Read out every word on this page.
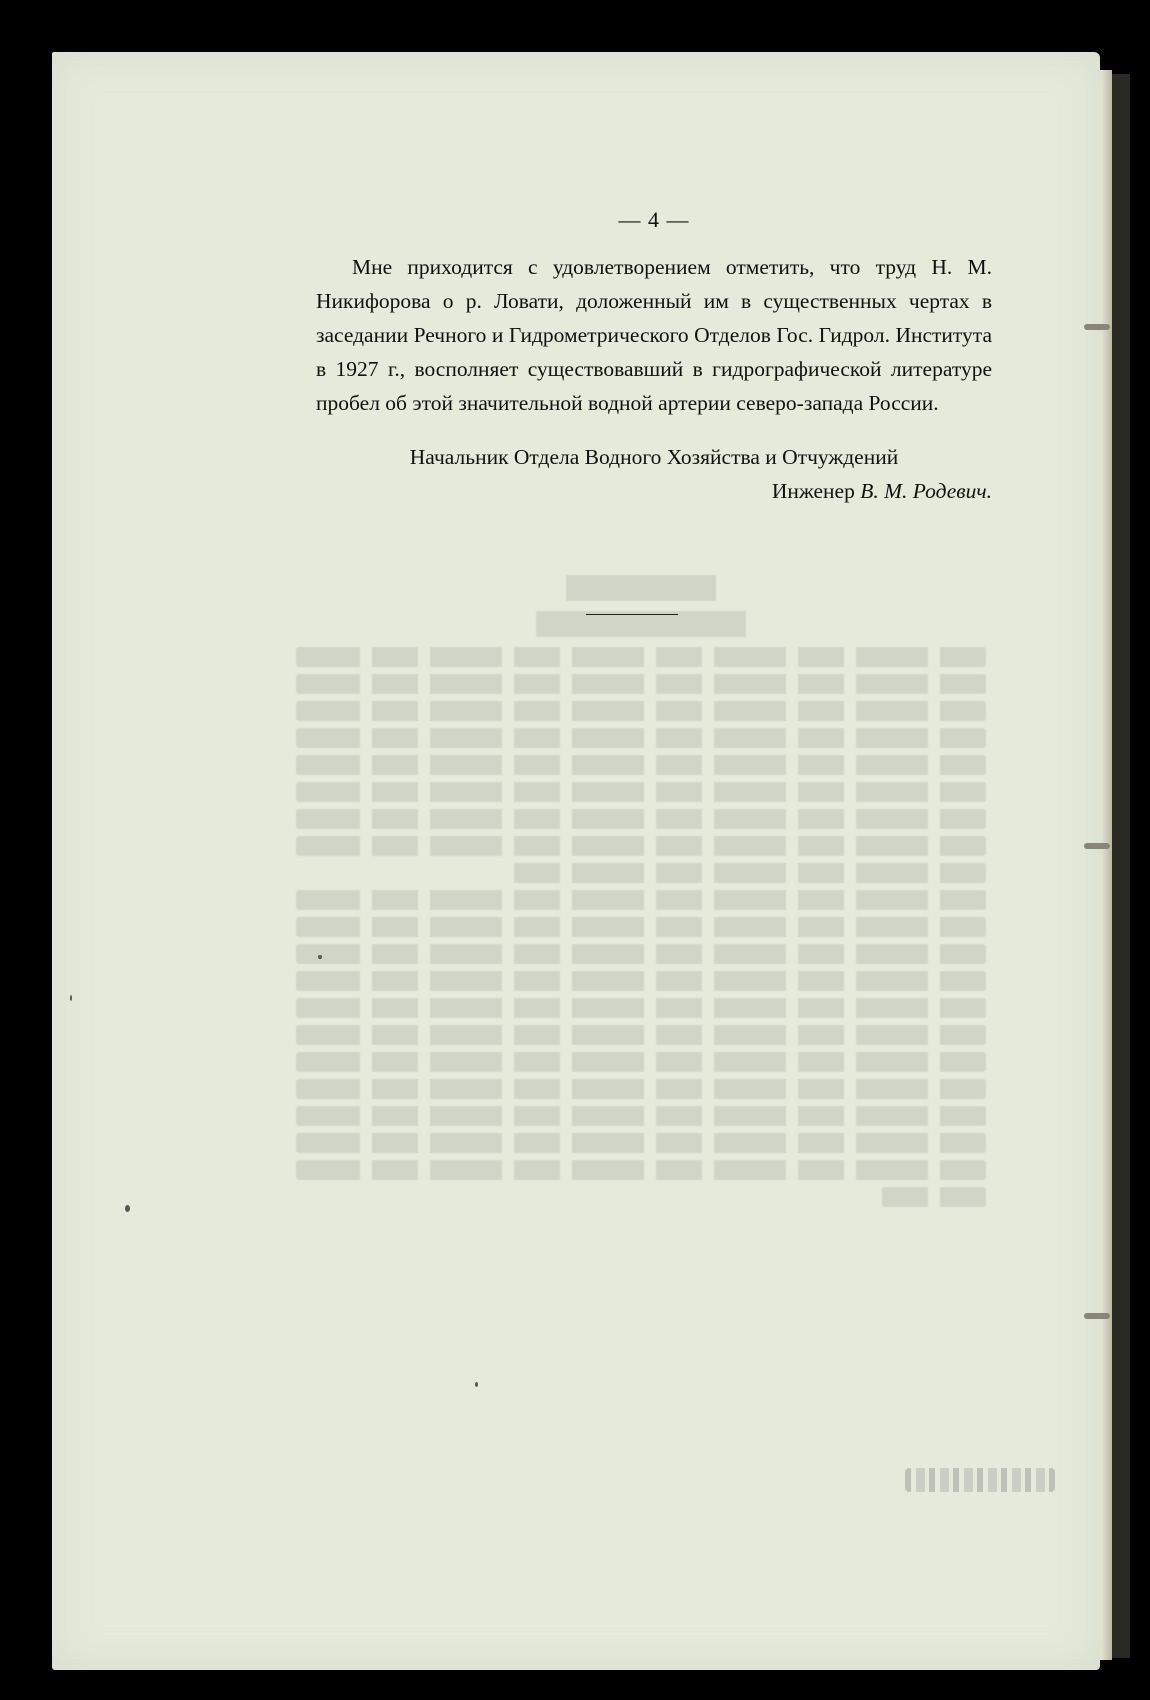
— 4 —
Мне приходится с удовлетворением отметить, что труд Н. М. Никифорова о р. Ловати, доложенный им в существенных чертах в заседании Речного и Гидрометрического Отделов Гос. Гидрол. Института в 1927 г., восполняет существовавший в гидрографической литературе пробел об этой значительной водной артерии северо-запада России.
Начальник Отдела Водного Хозяйства и Отчуждений
Инженер В. М. Родевич.
